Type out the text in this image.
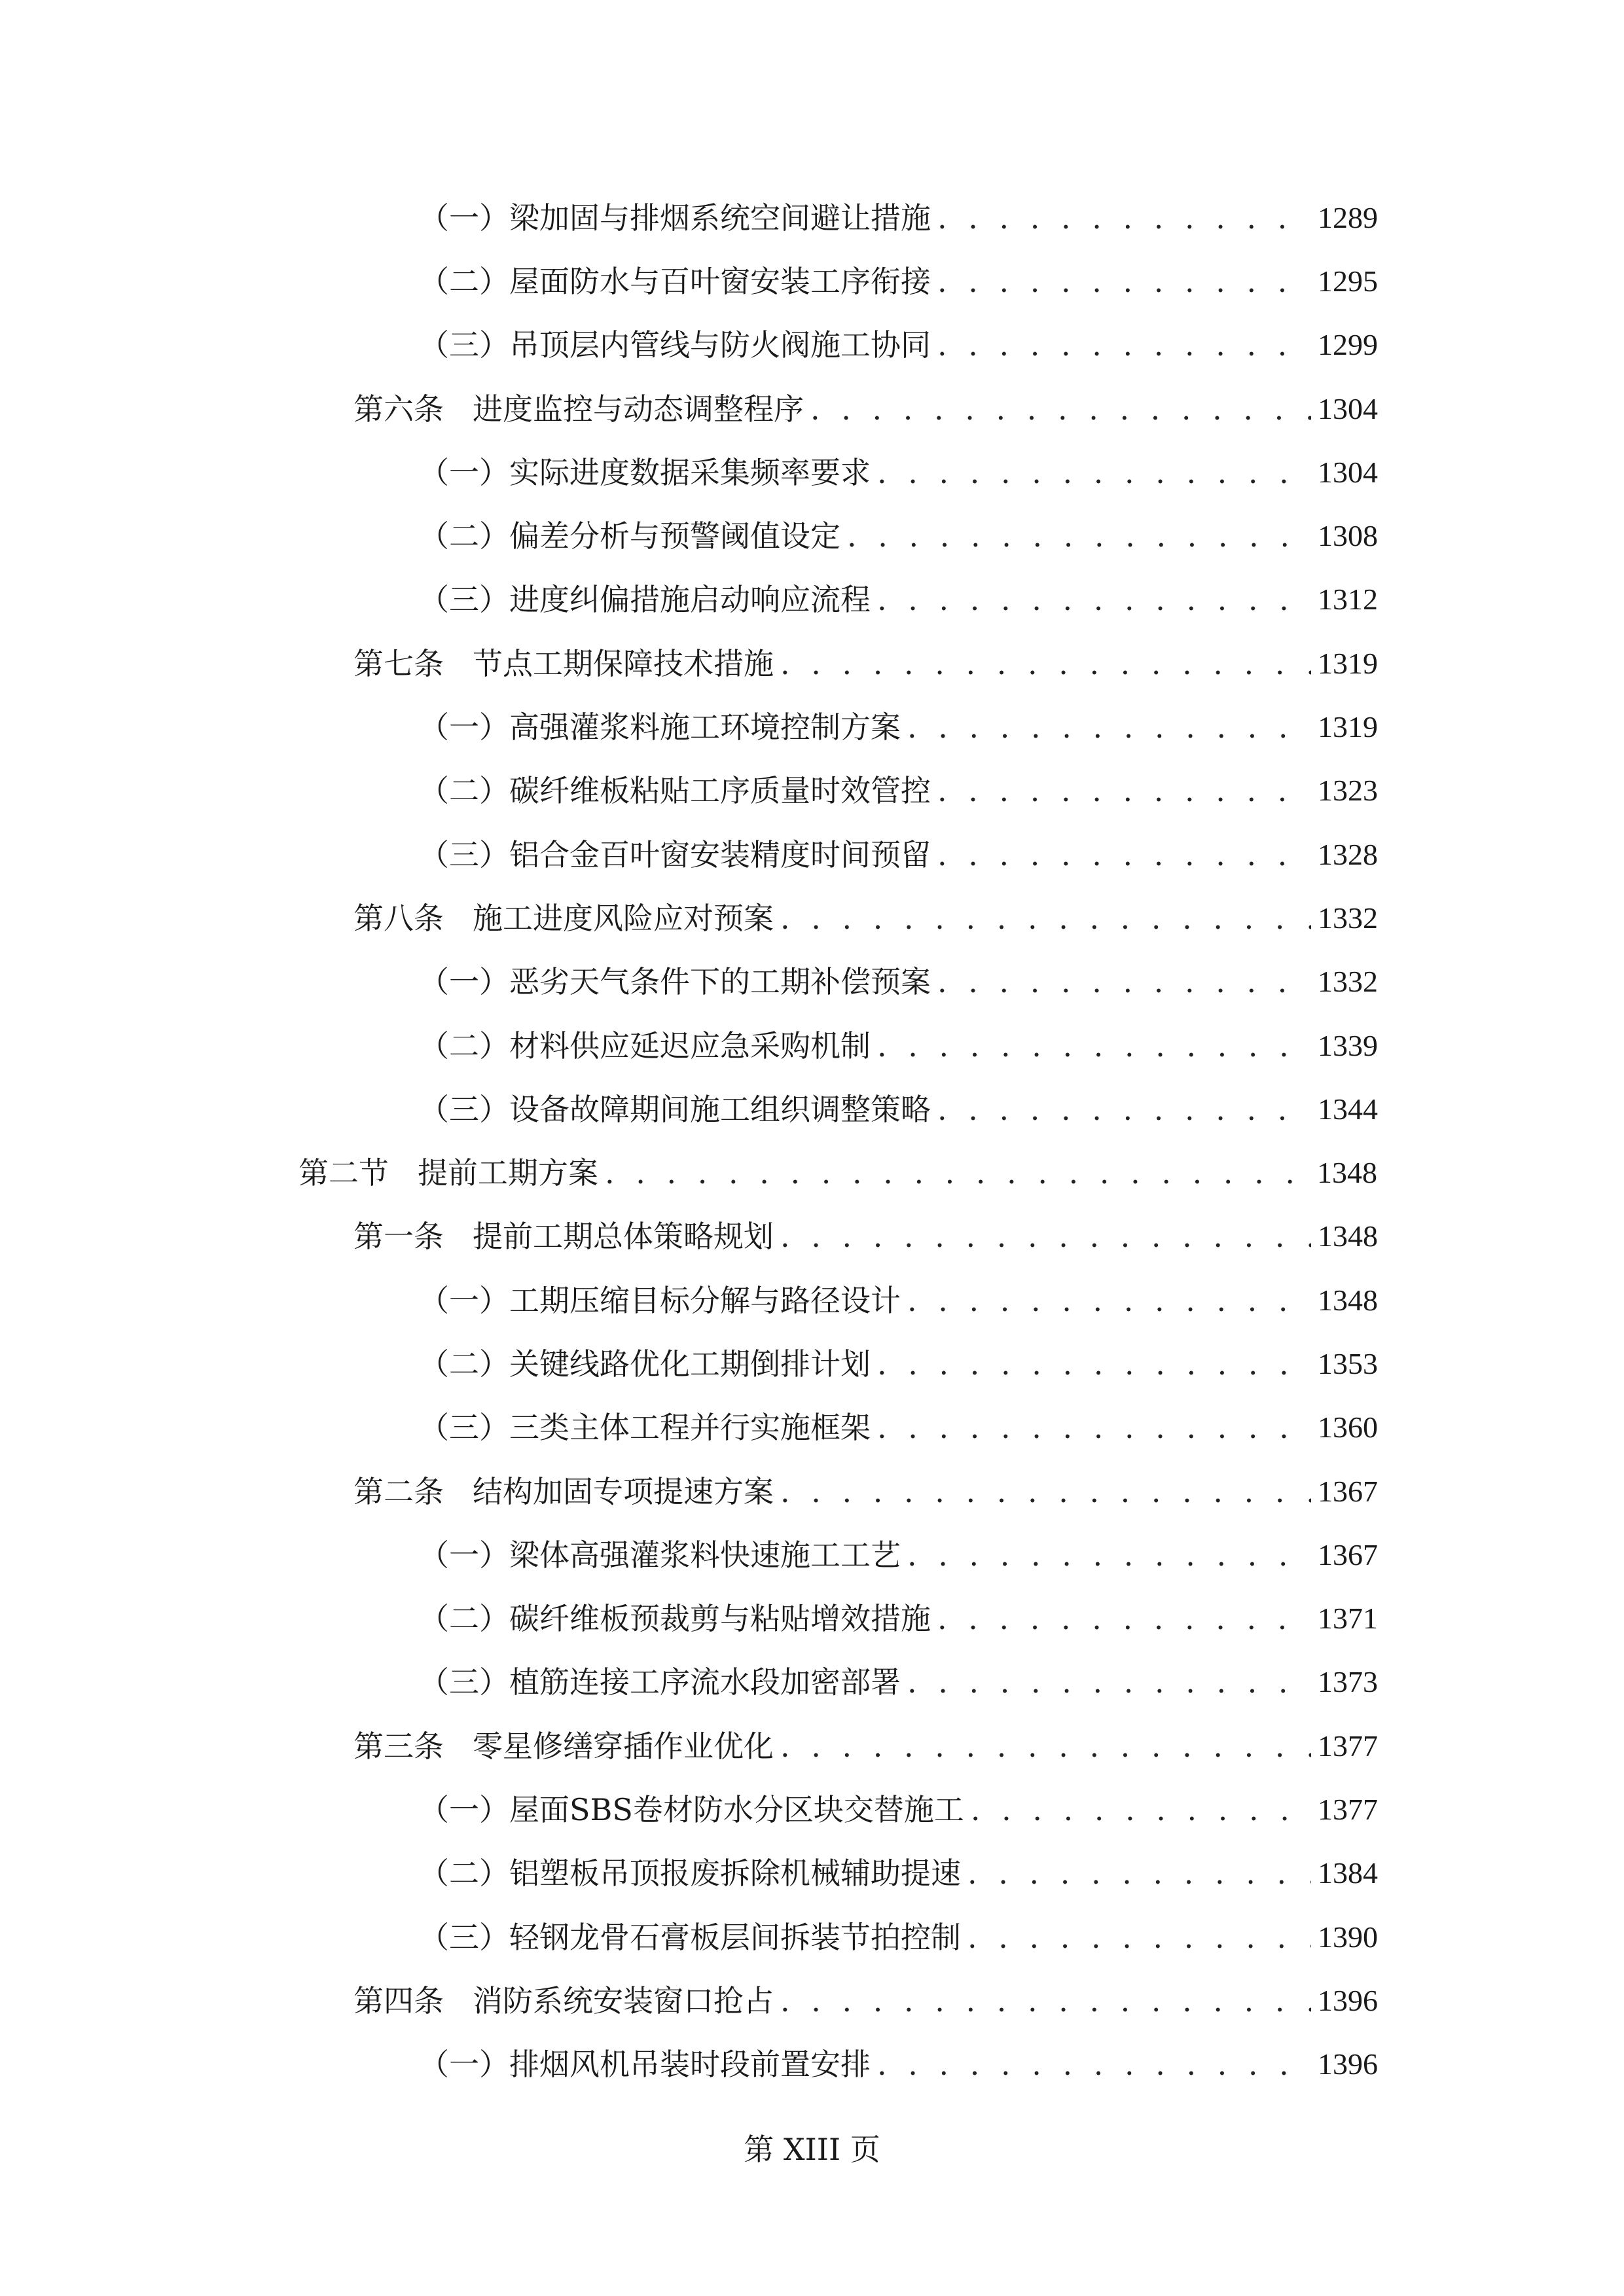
（一） 梁加固与排烟系统空间避让措施 . . .	1289
（二） 屋面防水与百叶窗安装工序衔接 . . .	1295
（三） 吊顶层内管线与防火阀施工协同 . . .	1299
第六条 进度监控与动态调整程序 . . .	1304
（一） 实际进度数据采集频率要求 . . .	1304
（二） 偏差分析与预警阈值设定 . . .	1308
（三） 进度纠偏措施启动响应流程 . . .	1312
第七条 节点工期保障技术措施 . . .	1319
（一） 高强灌浆料施工环境控制方案 . . .	1319
（二） 碳纤维板粘贴工序质量时效管控 . . .	1323
（三） 铝合金百叶窗安装精度时间预留 . . .	1328
第八条 施工进度风险应对预案 . . .	1332
（一） 恶劣天气条件下的工期补偿预案 . . .	1332
（二） 材料供应延迟应急采购机制 . . .	1339
（三） 设备故障期间施工组织调整策略 . . .	1344
第二节 提前工期方案 . . .	1348
第一条 提前工期总体策略规划 . . .	1348
（一） 工期压缩目标分解与路径设计 . . .	1348
（二） 关键线路优化工期倒排计划 . . .	1353
（三） 三类主体工程并行实施框架 . . .	1360
第二条 结构加固专项提速方案 . . .	1367
（一） 梁体高强灌浆料快速施工工艺 . . .	1367
（二） 碳纤维板预裁剪与粘贴增效措施 . . .	1371
（三） 植筋连接工序流水段加密部署 . . .	1373
第三条 零星修缮穿插作业优化 . . .	1377
（一） 屋面SBS卷材防水分区块交替施工 . . .	1377
（二） 铝塑板吊顶报废拆除机械辅助提速 . . .	1384
（三） 轻钢龙骨石膏板层间拆装节拍控制 . . .	1390
第四条 消防系统安装窗口抢占 . . .	1396
（一） 排烟风机吊装时段前置安排 . . .	1396
第 XIII 页
